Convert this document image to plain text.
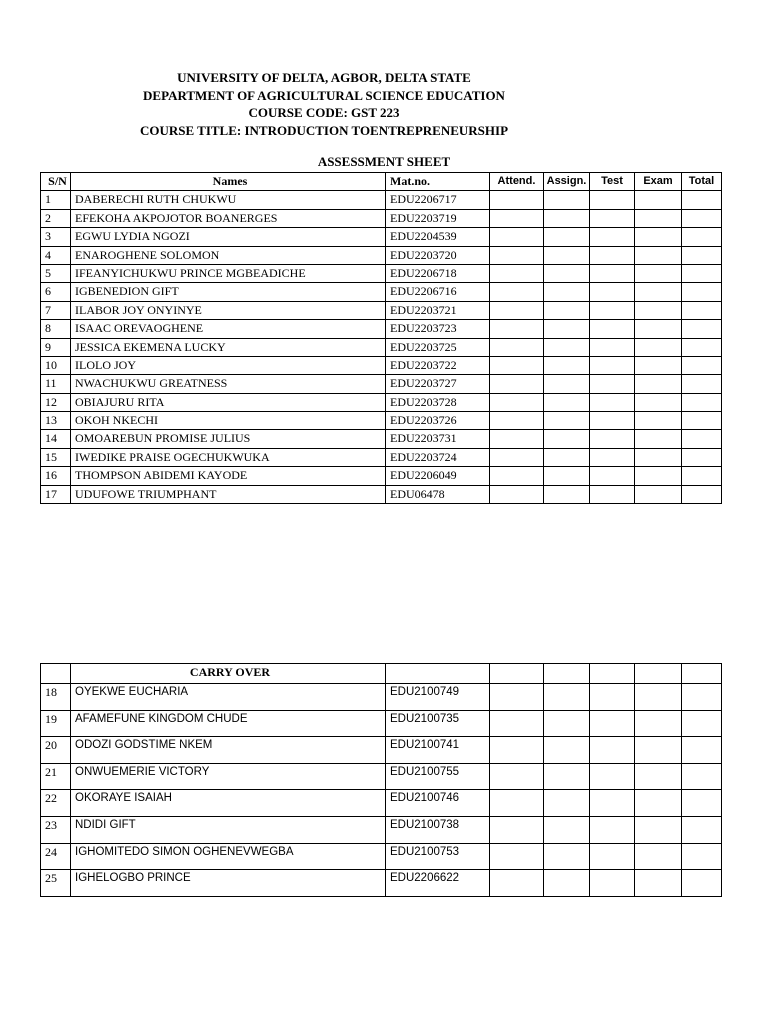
UNIVERSITY OF DELTA, AGBOR, DELTA STATE
DEPARTMENT OF AGRICULTURAL SCIENCE EDUCATION
COURSE CODE: GST 223
COURSE TITLE: INTRODUCTION TOENTREPRENEURSHIP
ASSESSMENT SHEET
S/N	Names	Mat.no.	Attend.	Assign.	Test	Exam	Total
1	DABERECHI RUTH CHUKWU	EDU2206717					
2	EFEKOHA AKPOJOTOR BOANERGES	EDU2203719					
3	EGWU LYDIA NGOZI	EDU2204539					
4	ENAROGHENE SOLOMON	EDU2203720					
5	IFEANYICHUKWU PRINCE MGBEADICHE	EDU2206718					
6	IGBENEDION GIFT	EDU2206716					
7	ILABOR JOY ONYINYE	EDU2203721					
8	ISAAC OREVAOGHENE	EDU2203723					
9	JESSICA EKEMENA LUCKY	EDU2203725					
10	ILOLO JOY	EDU2203722					
11	NWACHUKWU GREATNESS	EDU2203727					
12	OBIAJURU RITA	EDU2203728					
13	OKOH NKECHI	EDU2203726					
14	OMOAREBUN PROMISE JULIUS	EDU2203731					
15	IWEDIKE PRAISE OGECHUKWUKA	EDU2203724					
16	THOMPSON ABIDEMI KAYODE	EDU2206049					
17	UDUFOWE TRIUMPHANT	EDU06478					
	CARRY OVER						
18	OYEKWE EUCHARIA	EDU2100749					
19	AFAMEFUNE KINGDOM CHUDE	EDU2100735					
20	ODOZI GODSTIME NKEM	EDU2100741					
21	ONWUEMERIE VICTORY	EDU2100755					
22	OKORAYE ISAIAH	EDU2100746					
23	NDIDI GIFT	EDU2100738					
24	IGHOMITEDO SIMON OGHENEVWEGBA	EDU2100753					
25	IGHELOGBO PRINCE	EDU2206622					
